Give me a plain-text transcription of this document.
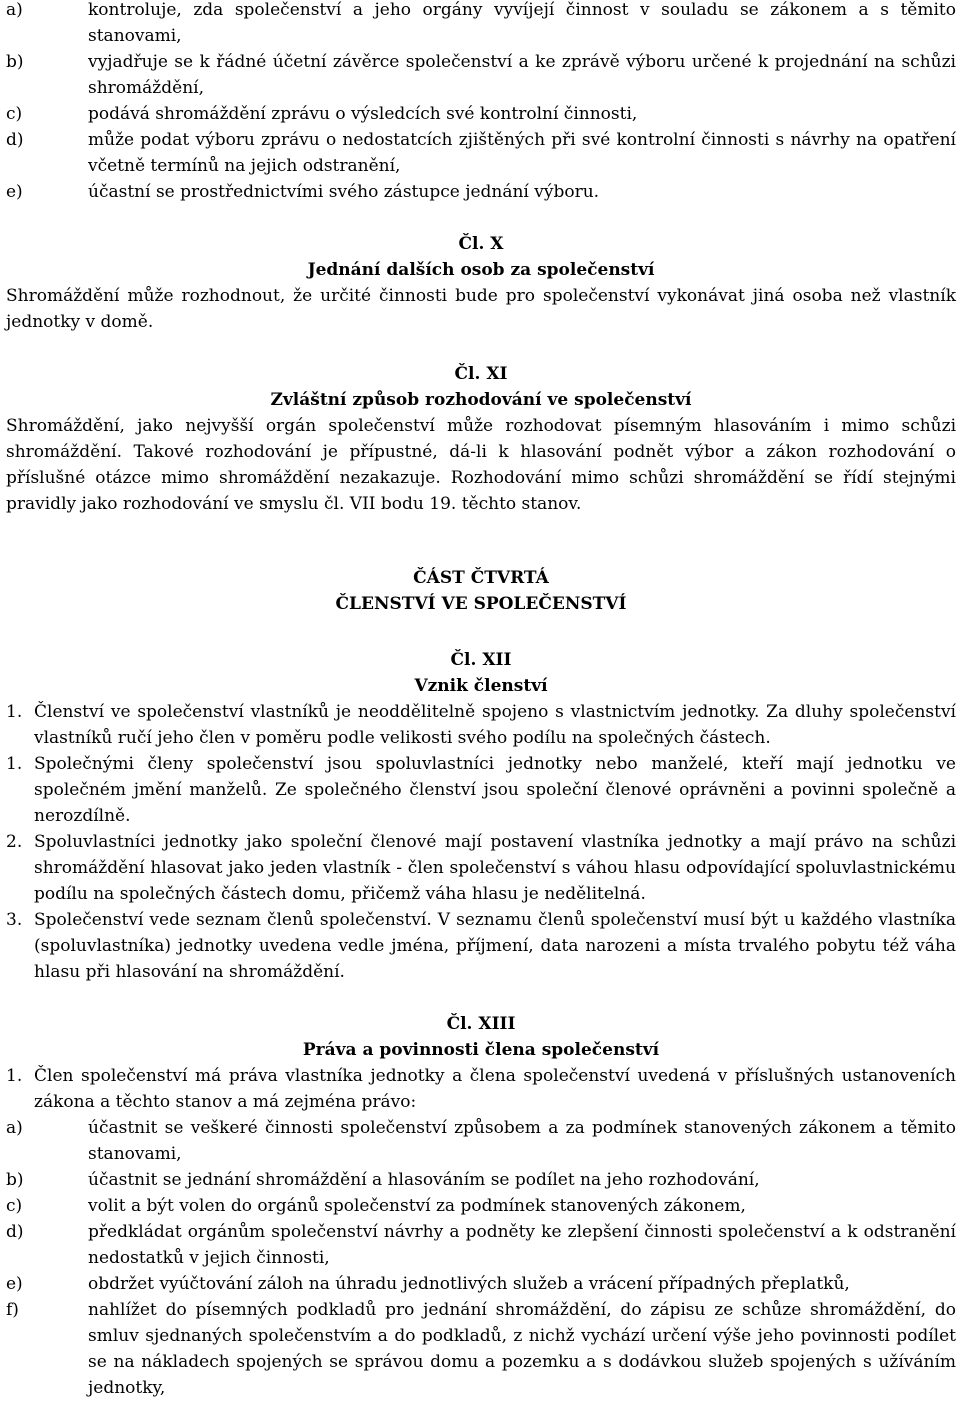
a)	kontroluje, zda společenství a jeho orgány vyvíjejí činnost v souladu se zákonem a s těmito stanovami,
b)	vyjadřuje se k řádné účetní závěrce společenství a ke zprávě výboru určené k projednání na schůzi shromáždění,
c)	podává shromáždění zprávu o výsledcích své kontrolní činnosti,
d)	může podat výboru zprávu o nedostatcích zjištěných při své kontrolní činnosti s návrhy na opatření včetně termínů na jejich odstranění,
e)	účastní se prostřednictvími svého zástupce jednání výboru.
Čl. X
Jednání dalších osob za společenství
Shromáždění může rozhodnout, že určité činnosti bude pro společenství vykonávat jiná osoba než vlastník jednotky v domě.
Čl. XI
Zvláštní způsob rozhodování ve společenství
Shromáždění, jako nejvyšší orgán společenství může rozhodovat písemným hlasováním i mimo schůzi shromáždění. Takové rozhodování je přípustné, dá-li k hlasování podnět výbor a zákon rozhodování o příslušné otázce mimo shromáždění nezakazuje. Rozhodování mimo schůzi shromáždění se řídí stejnými pravidly jako rozhodování ve smyslu čl. VII bodu 19. těchto stanov.
ČÁST ČTVRTÁ
ČLENSTVÍ VE SPOLEČENSTVÍ
Čl. XII
Vznik členství
1. Členství ve společenství vlastníků je neoddělitelně spojeno s vlastnictvím jednotky. Za dluhy společenství vlastníků ručí jeho člen v poměru podle velikosti svého podílu na společných částech.
1. Společnými členy společenství jsou spoluvlastníci jednotky nebo manželé, kteří mají jednotku ve společném jmění manželů. Ze společného členství jsou společní členové oprávněni a povinni společně a nerozdílně.
2. Spoluvlastníci jednotky jako společní členové mají postavení vlastníka jednotky a mají právo na schůzi shromáždění hlasovat jako jeden vlastník - člen společenství s váhou hlasu odpovídající spoluvlastnickému podílu na společných částech domu, přičemž váha hlasu je nedělitelná.
3. Společenství vede seznam členů společenství. V seznamu členů společenství musí být u každého vlastníka (spoluvlastníka) jednotky uvedena vedle jména, příjmení, data narozeni a místa trvalého pobytu též váha hlasu při hlasování na shromáždění.
Čl. XIII
Práva a povinnosti člena společenství
1. Člen společenství má práva vlastníka jednotky a člena společenství uvedená v příslušných ustanoveních zákona a těchto stanov a má zejména právo:
a)	účastnit se veškeré činnosti společenství způsobem a za podmínek stanovených zákonem a těmito stanovami,
b)	účastnit se jednání shromáždění a hlasováním se podílet na jeho rozhodování,
c)	volit a být volen do orgánů společenství za podmínek stanovených zákonem,
d)	předkládat orgánům společenství návrhy a podněty ke zlepšení činnosti společenství a k odstranění nedostatků v jejich činnosti,
e)	obdržet vyúčtování záloh na úhradu jednotlivých služeb a vrácení případných přeplatků,
f)	nahlížet do písemných podkladů pro jednání shromáždění, do zápisu ze schůze shromáždění, do smluv sjednaných společenstvím a do podkladů, z nichž vychází určení výše jeho povinnosti podílet se na nákladech spojených se správou domu a pozemku a s dodávkou služeb spojených s užíváním jednotky,
